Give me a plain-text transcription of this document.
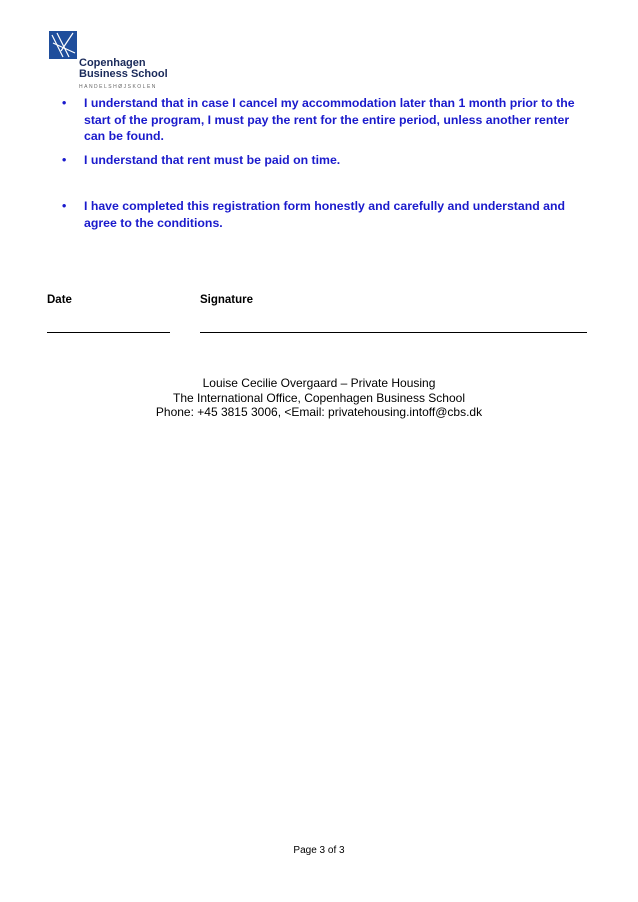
Copenhagen
Business School
HANDELSHØJSKOLEN
• I understand that in case I cancel my accommodation later than 1 month prior to the start of the program, I must pay the rent for the entire period, unless another renter can be found.
• I understand that rent must be paid on time.
• I have completed this registration form honestly and carefully and understand and agree to the conditions.
Date	Signature
Louise Cecilie Overgaard – Private Housing
The International Office, Copenhagen Business School
Phone: +45 3815 3006, <Email: privatehousing.intoff@cbs.dk
Page 3 of 3
